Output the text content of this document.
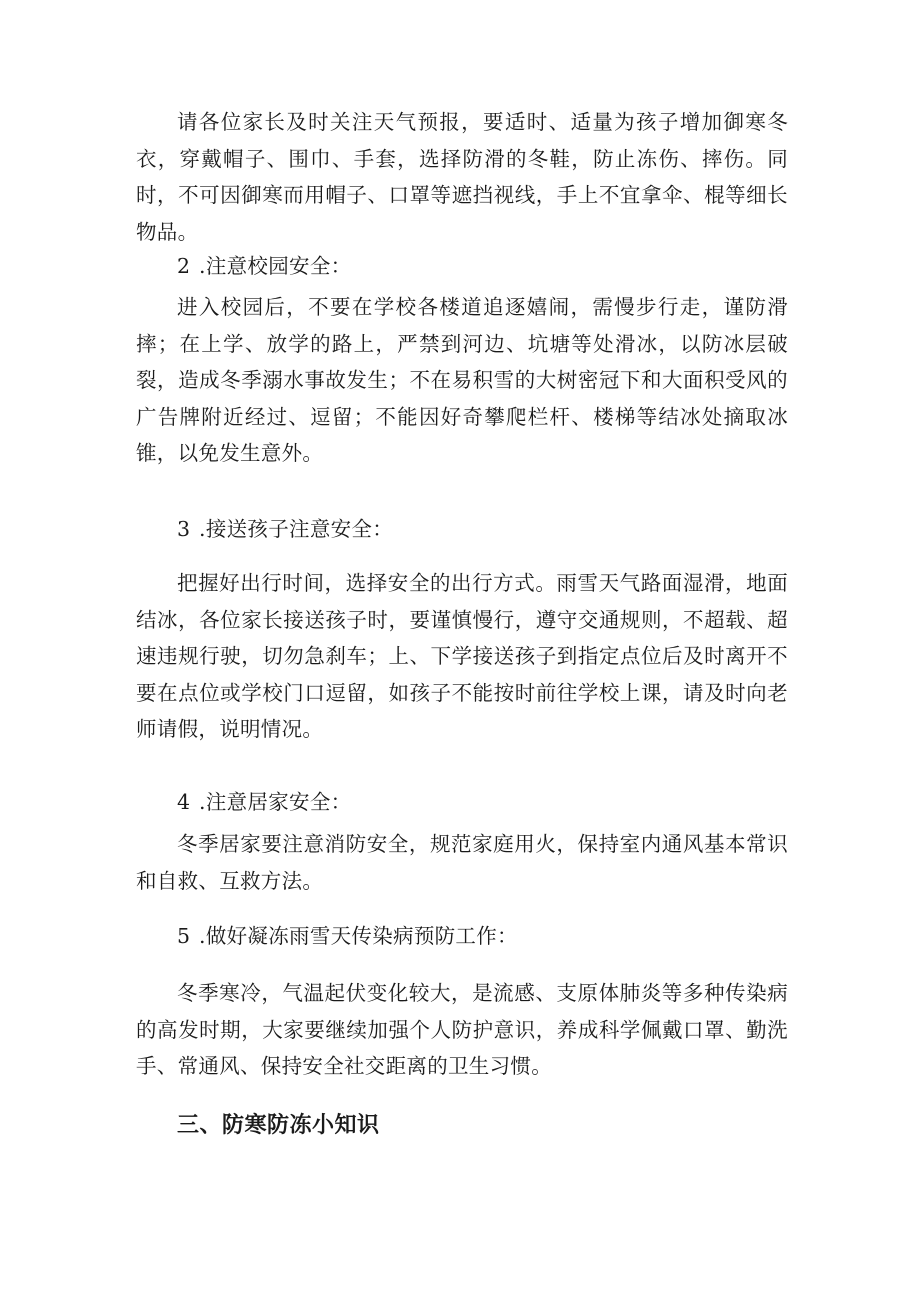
请各位家长及时关注天气预报，要适时、适量为孩子增加御寒冬衣，穿戴帽子、围巾、手套，选择防滑的冬鞋，防止冻伤、摔伤。同时，不可因御寒而用帽子、口罩等遮挡视线，手上不宜拿伞、棍等细长物品。

2 .注意校园安全：

进入校园后，不要在学校各楼道追逐嬉闹，需慢步行走，谨防滑摔；在上学、放学的路上，严禁到河边、坑塘等处滑冰，以防冰层破裂，造成冬季溺水事故发生；不在易积雪的大树密冠下和大面积受风的广告牌附近经过、逗留；不能因好奇攀爬栏杆、楼梯等结冰处摘取冰锥，以免发生意外。

3 .接送孩子注意安全：

把握好出行时间，选择安全的出行方式。雨雪天气路面湿滑，地面结冰，各位家长接送孩子时，要谨慎慢行，遵守交通规则，不超载、超速违规行驶，切勿急刹车；上、下学接送孩子到指定点位后及时离开不要在点位或学校门口逗留，如孩子不能按时前往学校上课，请及时向老师请假，说明情况。

4 .注意居家安全：

冬季居家要注意消防安全，规范家庭用火，保持室内通风基本常识和自救、互救方法。

5 .做好凝冻雨雪天传染病预防工作：

冬季寒冷，气温起伏变化较大，是流感、支原体肺炎等多种传染病的高发时期，大家要继续加强个人防护意识，养成科学佩戴口罩、勤洗手、常通风、保持安全社交距离的卫生习惯。

三、防寒防冻小知识
